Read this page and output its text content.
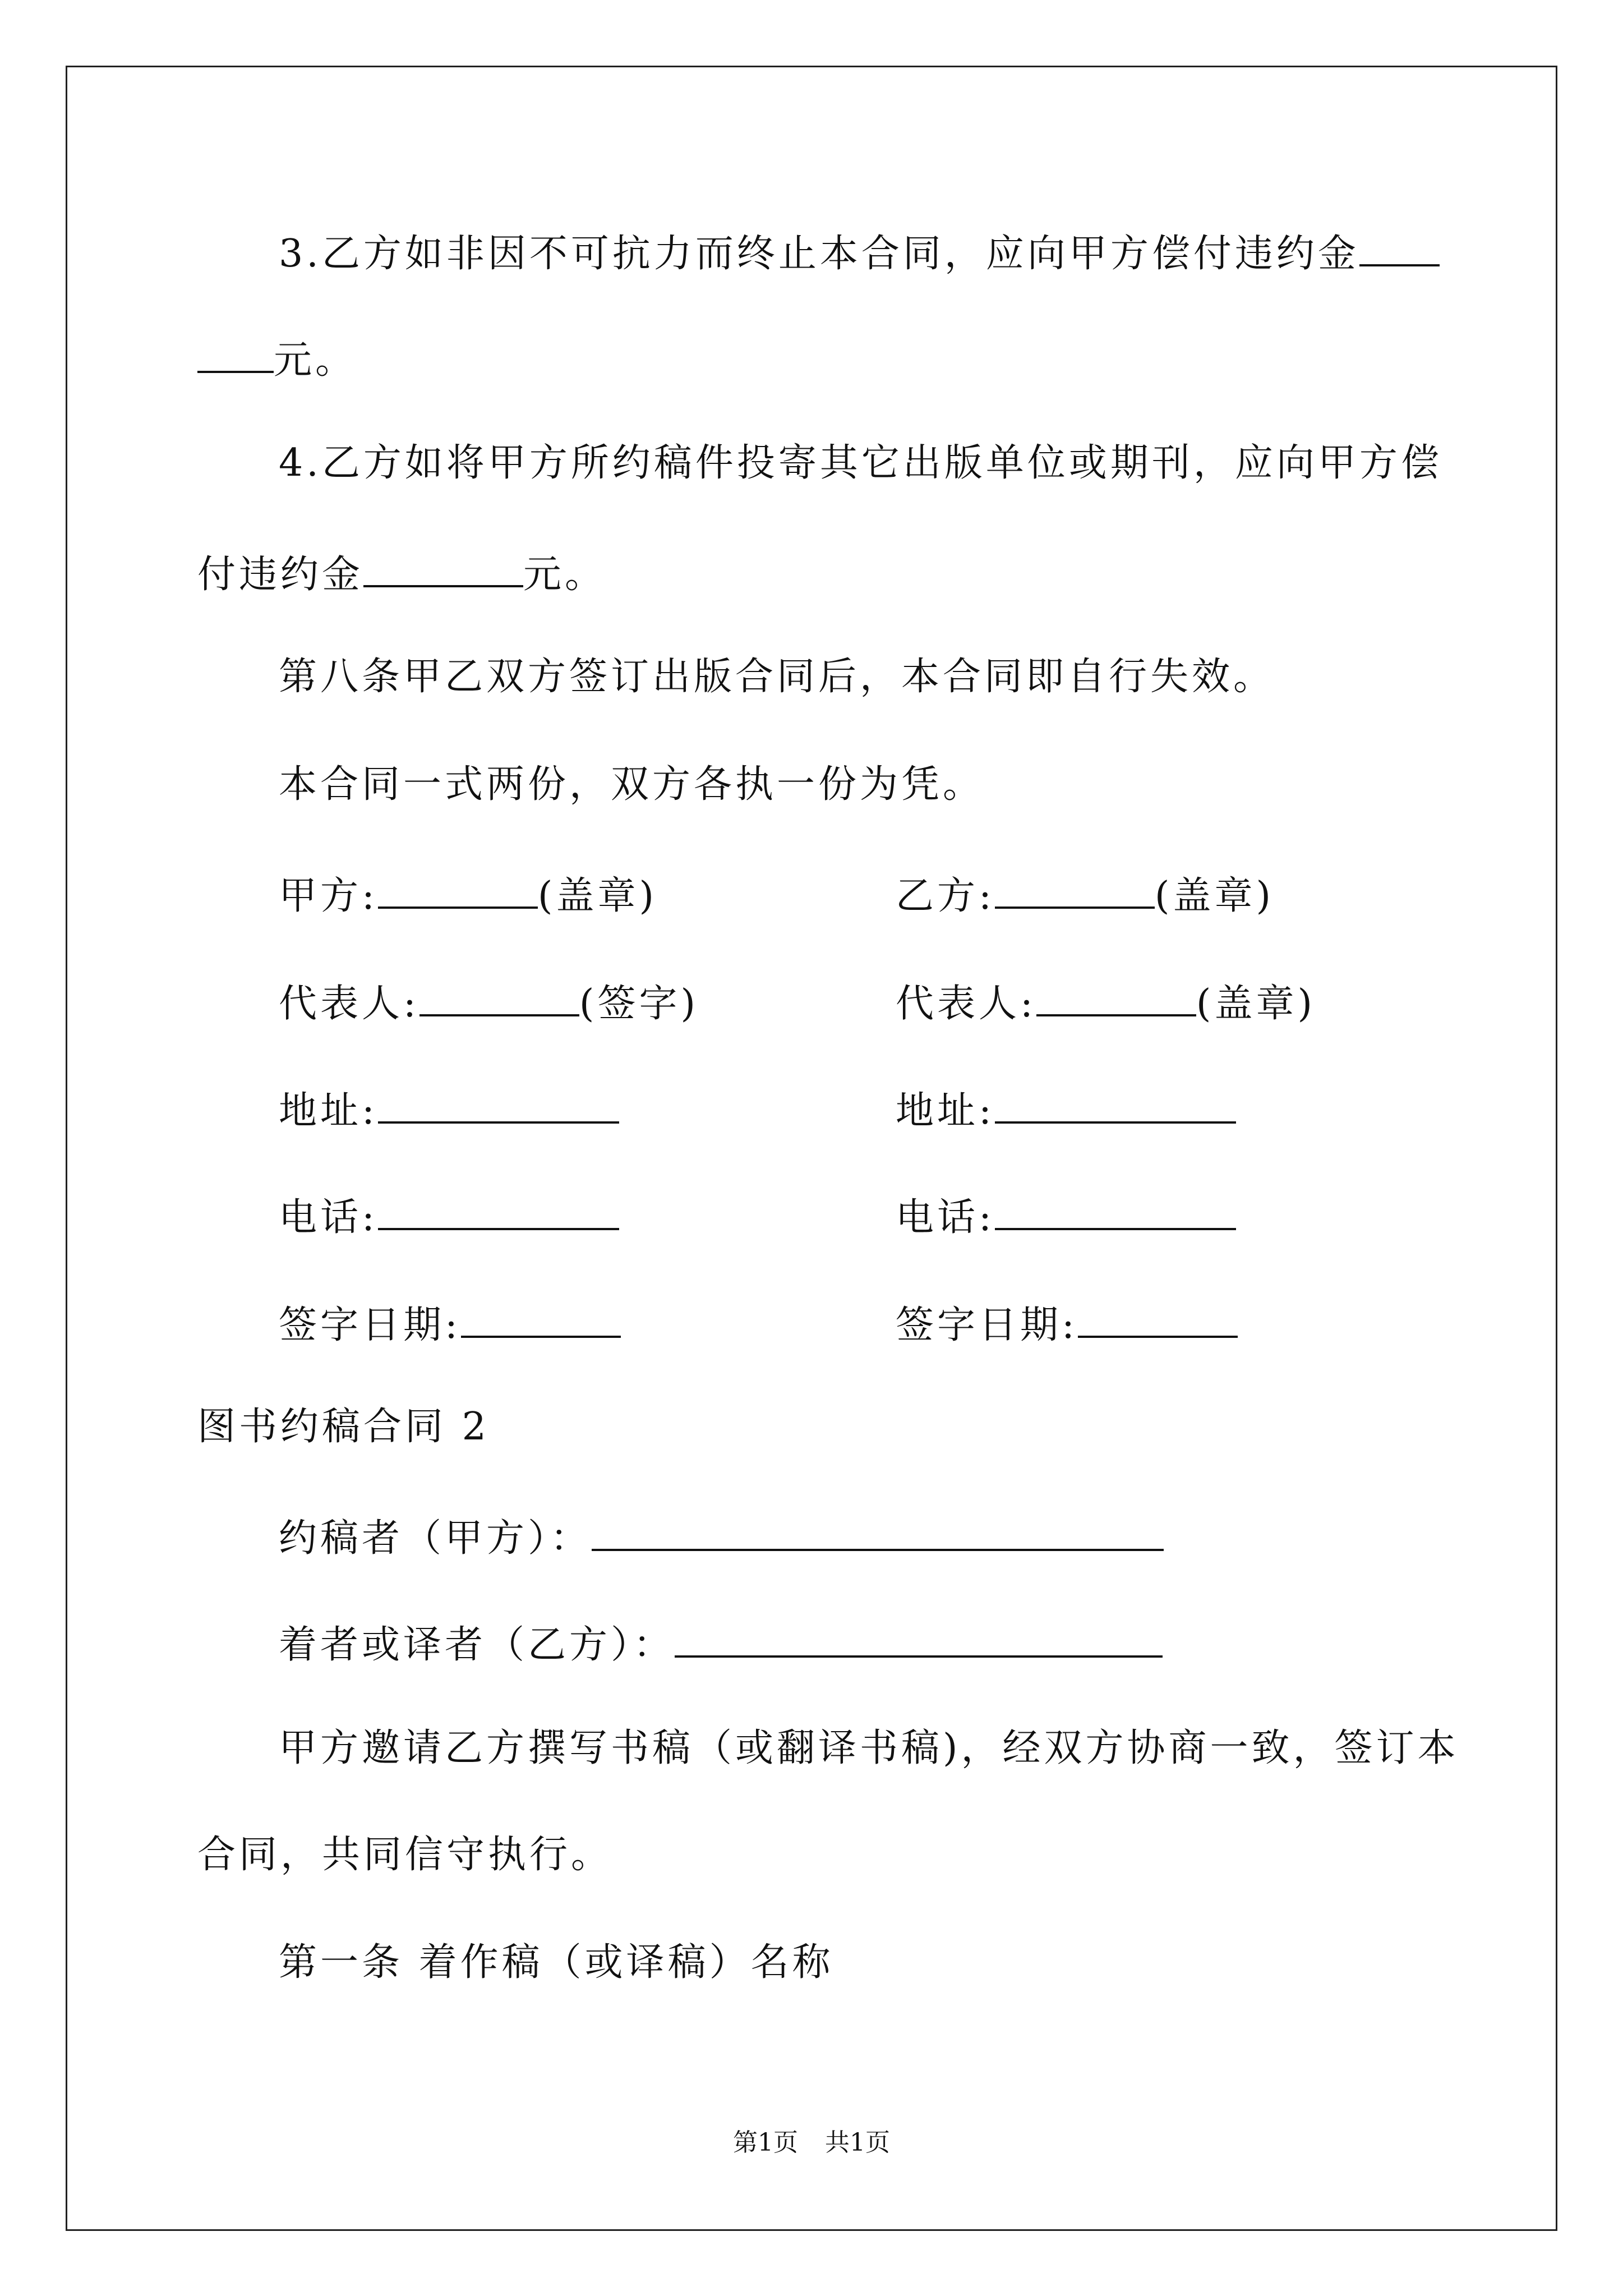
3.乙方如非因不可抗力而终止本合同，应向甲方偿付违约金
元。
4.乙方如将甲方所约稿件投寄其它出版单位或期刊，应向甲方偿
付违约金	元。
第八条甲乙双方签订出版合同后，本合同即自行失效。
本合同一式两份，双方各执一份为凭。
甲方:	(盖章)	乙方:	(盖章)
代表人:	(签字)	代表人:	(盖章)
地址:	地址:
电话:	电话:
签字日期:	签字日期:
图书约稿合同 2
约稿者（甲方）：
着者或译者（乙方）：
甲方邀请乙方撰写书稿（或翻译书稿)，经双方协商一致，签订本
合同，共同信守执行。
第一条 着作稿（或译稿）名称
第1页 共1页
